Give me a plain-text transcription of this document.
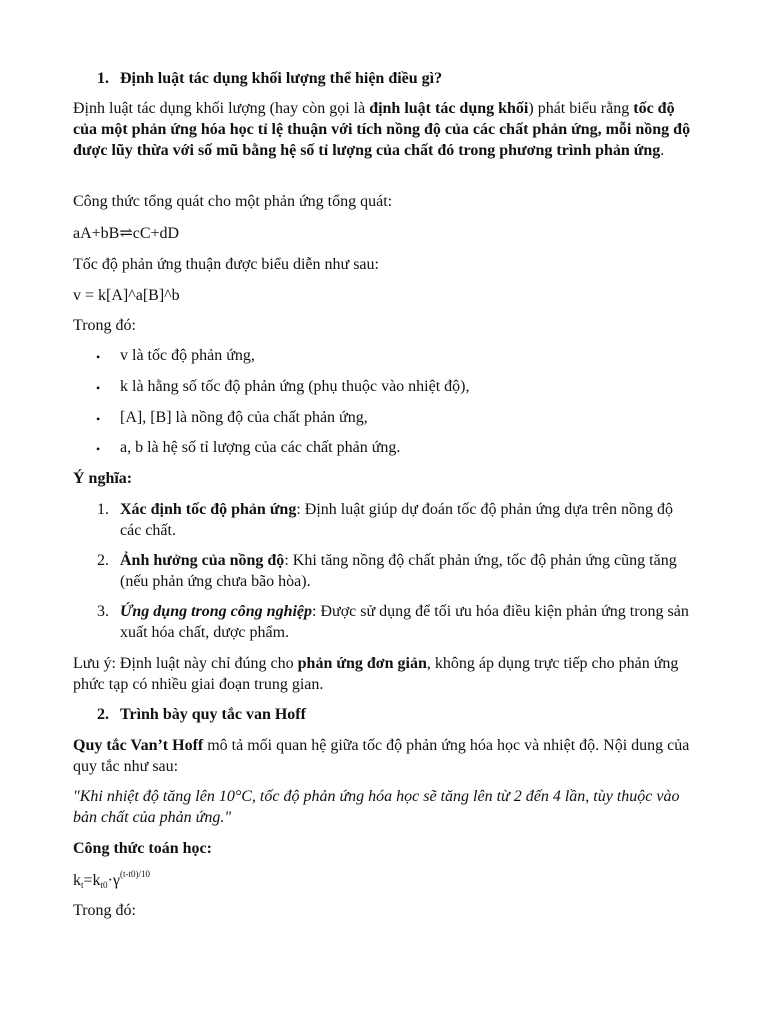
1. Định luật tác dụng khối lượng thể hiện điều gì?
Định luật tác dụng khối lượng (hay còn gọi là định luật tác dụng khối) phát biểu rằng tốc độ của một phản ứng hóa học tỉ lệ thuận với tích nồng độ của các chất phản ứng, mỗi nồng độ được lũy thừa với số mũ bằng hệ số tỉ lượng của chất đó trong phương trình phản ứng.
Công thức tổng quát cho một phản ứng tổng quát:
aA+bB⇌cC+dD
Tốc độ phản ứng thuận được biểu diễn như sau:
v = k[A]^a[B]^b
Trong đó:
• v là tốc độ phản ứng,
• k là hằng số tốc độ phản ứng (phụ thuộc vào nhiệt độ),
• [A], [B] là nồng độ của chất phản ứng,
• a, b là hệ số tỉ lượng của các chất phản ứng.
Ý nghĩa:
1. Xác định tốc độ phản ứng: Định luật giúp dự đoán tốc độ phản ứng dựa trên nồng độ các chất.
2. Ảnh hưởng của nồng độ: Khi tăng nồng độ chất phản ứng, tốc độ phản ứng cũng tăng (nếu phản ứng chưa bão hòa).
3. Ứng dụng trong công nghiệp: Được sử dụng để tối ưu hóa điều kiện phản ứng trong sản xuất hóa chất, dược phẩm.
Lưu ý: Định luật này chỉ đúng cho phản ứng đơn giản, không áp dụng trực tiếp cho phản ứng phức tạp có nhiều giai đoạn trung gian.
2. Trình bày quy tắc van Hoff
Quy tắc Van’t Hoff mô tả mối quan hệ giữa tốc độ phản ứng hóa học và nhiệt độ. Nội dung của quy tắc như sau:
"Khi nhiệt độ tăng lên 10°C, tốc độ phản ứng hóa học sẽ tăng lên từ 2 đến 4 lần, tùy thuộc vào bản chất của phản ứng."
Công thức toán học:
$k_t=k_{t0}\cdot\gamma^{(t-t0)/10}$
Trong đó:
